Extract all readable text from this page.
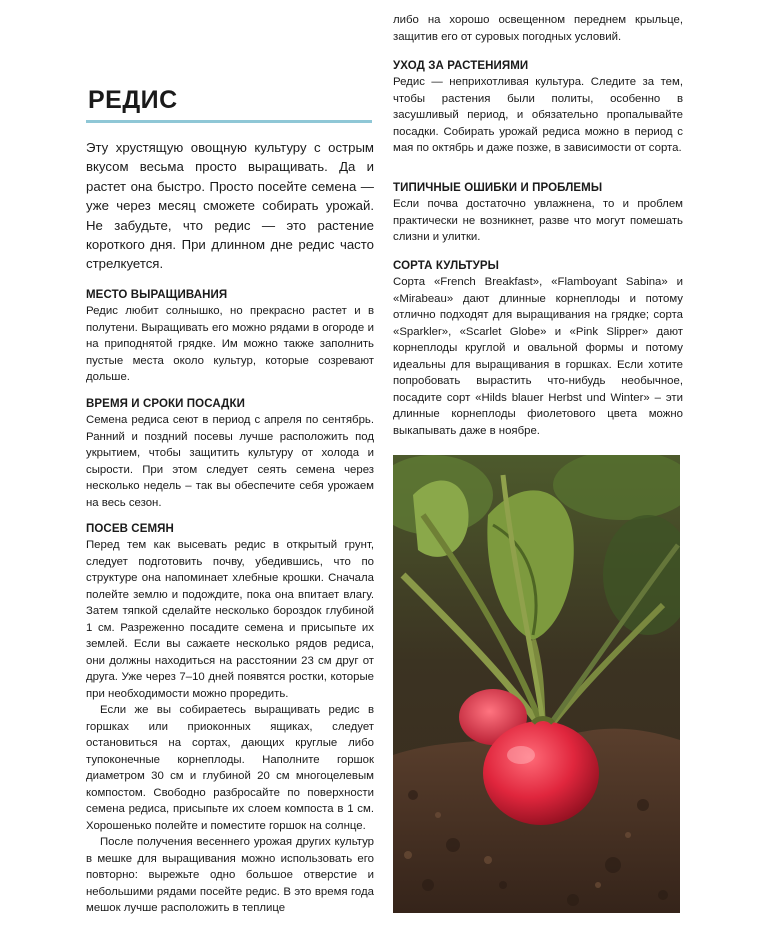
РЕДИС
Эту хрустящую овощную культуру с острым вкусом весьма просто выращивать. Да и растет она быстро. Просто посейте семена — уже через месяц сможете собирать урожай. Не забудьте, что редис — это растение короткого дня. При длинном дне редис часто стрелкуется.
МЕСТО ВЫРАЩИВАНИЯ

Редис любит солнышко, но прекрасно растет и в полутени. Выращивать его можно рядами в огороде и на приподнятой грядке. Им можно также заполнить пустые места около культур, которые созревают дольше.

ВРЕМЯ И СРОКИ ПОСАДКИ

Семена редиса сеют в период с апреля по сентябрь. Ранний и поздний посевы лучше расположить под укрытием, чтобы защитить культуру от холода и сырости. При этом следует сеять семена через несколько недель – так вы обеспечите себя урожаем на весь сезон.

ПОСЕВ СЕМЯН

Перед тем как высевать редис в открытый грунт, следует подготовить почву, убедившись, что по структуре она напоминает хлебные крошки. Сначала полейте землю и подождите, пока она впитает влагу. Затем тяпкой сделайте несколько бороздок глубиной 1 см. Разреженно посадите семена и присыпьте их землей. Если вы сажаете несколько рядов редиса, они должны находиться на расстоянии 23 см друг от друга. Уже через 7–10 дней появятся ростки, которые при необходимости можно проредить.

Если же вы собираетесь выращивать редис в горшках или приоконных ящиках, следует остановиться на сортах, дающих круглые либо тупоконечные корнеплоды. Наполните горшок диаметром 30 см и глубиной 20 см многоцелевым компостом. Свободно разбросайте по поверхности семена редиса, присыпьте их слоем компоста в 1 см. Хорошенько полейте и поместите горшок на солнце.

После получения весеннего урожая других культур в мешке для выращивания можно использовать его повторно: вырежьте одно большое отверстие и небольшими рядами посейте редис. В это время года мешок лучше расположить в теплице

либо на хорошо освещенном переднем крыльце, защитив его от суровых погодных условий.

УХОД ЗА РАСТЕНИЯМИ

Редис — неприхотливая культура. Следите за тем, чтобы растения были политы, особенно в засушливый период, и обязательно пропалывайте посадки. Собирать урожай редиса можно в период с мая по октябрь и даже позже, в зависимости от сорта.

ТИПИЧНЫЕ ОШИБКИ И ПРОБЛЕМЫ

Если почва достаточно увлажнена, то и проблем практически не возникнет, разве что могут помешать слизни и улитки.

СОРТА КУЛЬТУРЫ

Сорта «French Breakfast», «Flamboyant Sabina» и «Mirabeau» дают длинные корнеплоды и потому отлично подходят для выращивания на грядке; сорта «Sparkler», «Scarlet Globe» и «Pink Slipper» дают корнеплоды круглой и овальной формы и потому идеальны для выращивания в горшках. Если хотите попробовать вырастить что-нибудь необычное, посадите сорт «Hilds blauer Herbst und Winter» – эти длинные корнеплоды фиолетового цвета можно выкапывать даже в ноябре.
